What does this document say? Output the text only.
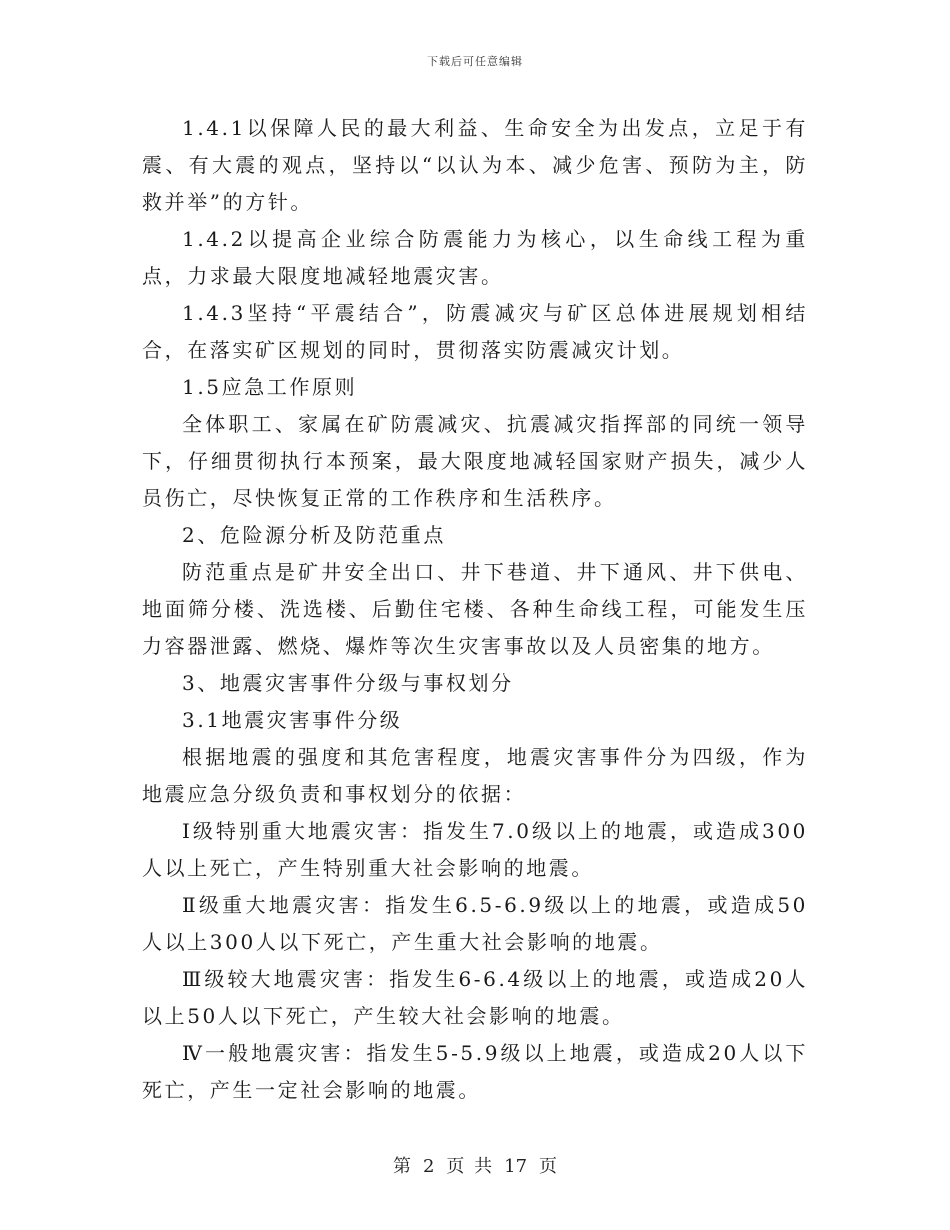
下载后可任意编辑

1.4.1以保障人民的最大利益、生命安全为出发点，立足于有震、有大震的观点，坚持以“以认为本、减少危害、预防为主，防救并举”的方针。

1.4.2以提高企业综合防震能力为核心，以生命线工程为重点，力求最大限度地减轻地震灾害。

1.4.3坚持“平震结合”，防震减灾与矿区总体进展规划相结合，在落实矿区规划的同时，贯彻落实防震减灾计划。

1.5应急工作原则

全体职工、家属在矿防震减灾、抗震减灾指挥部的同统一领导下，仔细贯彻执行本预案，最大限度地减轻国家财产损失，减少人员伤亡，尽快恢复正常的工作秩序和生活秩序。

2、危险源分析及防范重点

防范重点是矿井安全出口、井下巷道、井下通风、井下供电、地面筛分楼、洗选楼、后勤住宅楼、各种生命线工程，可能发生压力容器泄露、燃烧、爆炸等次生灾害事故以及人员密集的地方。

3、地震灾害事件分级与事权划分

3.1地震灾害事件分级

根据地震的强度和其危害程度，地震灾害事件分为四级，作为地震应急分级负责和事权划分的依据：

Ⅰ级特别重大地震灾害：指发生7.0级以上的地震，或造成300人以上死亡，产生特别重大社会影响的地震。

Ⅱ级重大地震灾害：指发生6.5-6.9级以上的地震，或造成50人以上300人以下死亡，产生重大社会影响的地震。

Ⅲ级较大地震灾害：指发生6-6.4级以上的地震，或造成20人以上50人以下死亡，产生较大社会影响的地震。

Ⅳ一般地震灾害：指发生5-5.9级以上地震，或造成20人以下死亡，产生一定社会影响的地震。

第 2 页 共 17 页
